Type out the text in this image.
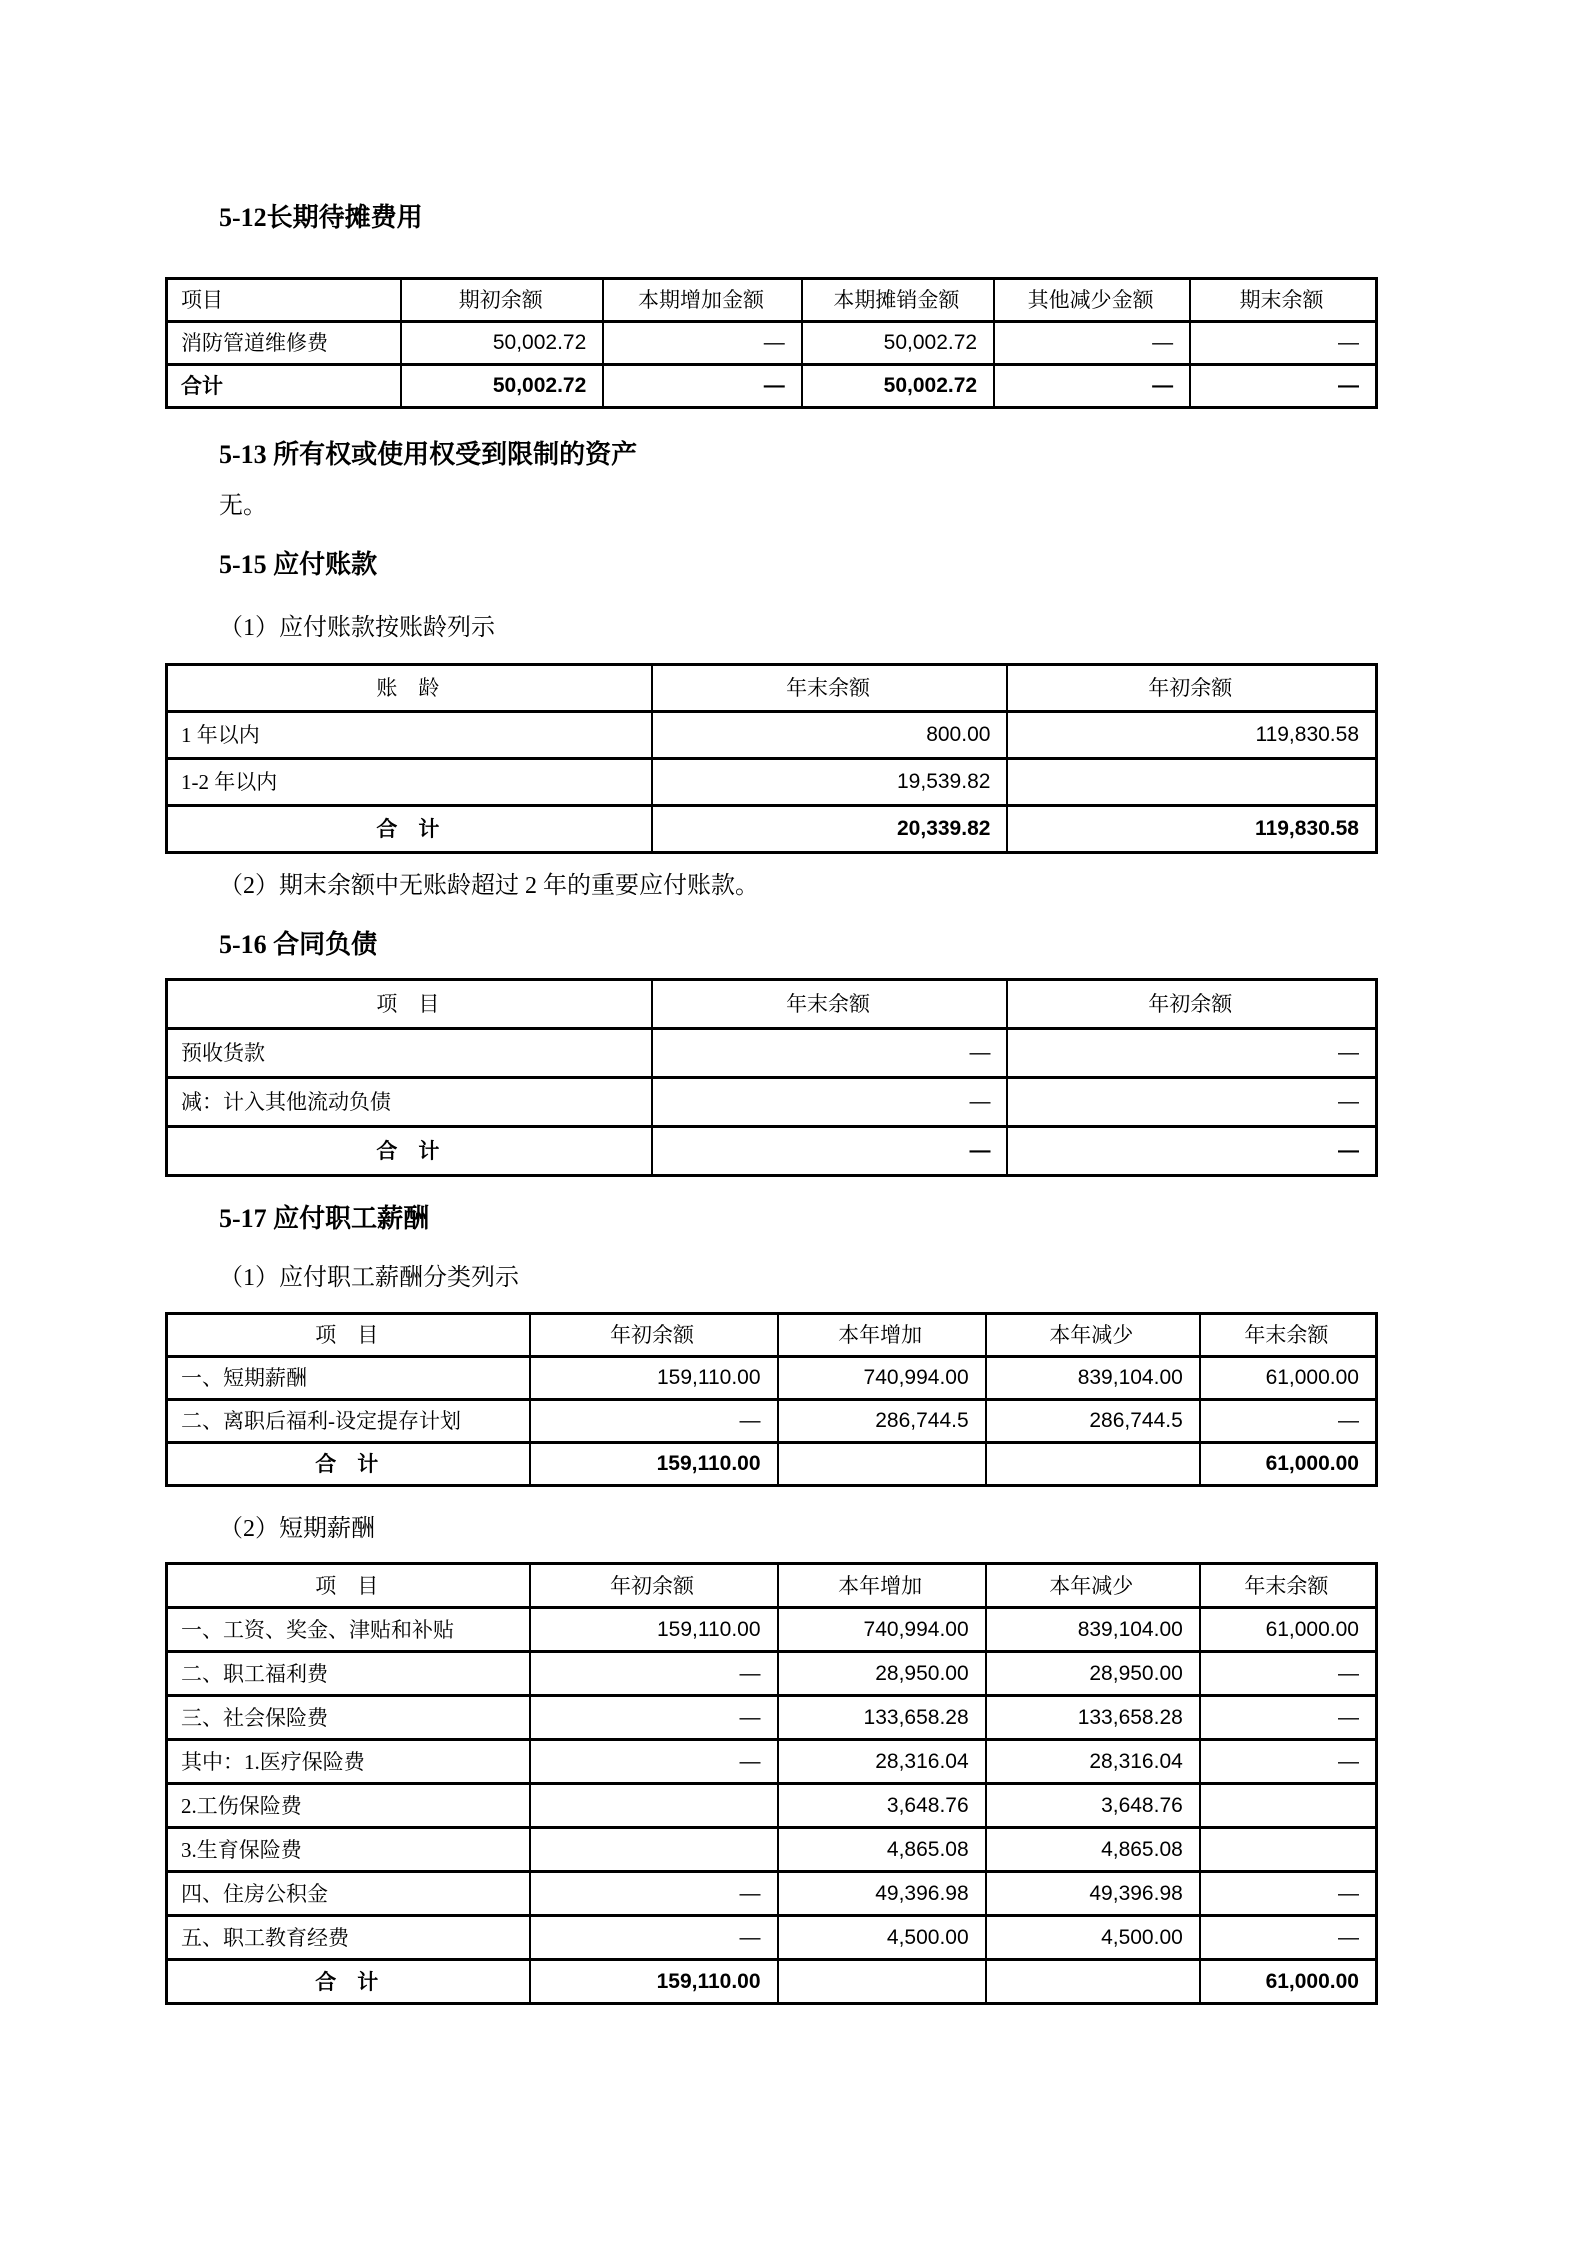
5-12长期待摊费用
项目	期初余额	本期增加金额	本期摊销金额	其他减少金额	期末余额
消防管道维修费	50,002.72	—	50,002.72	—	—
合计	50,002.72	—	50,002.72	—	—
5-13 所有权或使用权受到限制的资产

无。

5-15 应付账款

（1）应付账款按账龄列示

账　龄	年末余额	年初余额
1 年以内	800.00	119,830.58
1-2 年以内	19,539.82	
合　计	20,339.82	119,830.58

（2）期末余额中无账龄超过 2 年的重要应付账款。

5-16 合同负债
项　目	年末余额	年初余额
预收货款	—	—
减：计入其他流动负债	—	—
合　计	—	—
5-17 应付职工薪酬

（1）应付职工薪酬分类列示

项　目	年初余额	本年增加	本年减少	年末余额
一、短期薪酬	159,110.00	740,994.00	839,104.00	61,000.00
二、离职后福利-设定提存计划	—	286,744.5	286,744.5	—
合　计	159,110.00			61,000.00

（2）短期薪酬

项　目	年初余额	本年增加	本年减少	年末余额
一、工资、奖金、津贴和补贴	159,110.00	740,994.00	839,104.00	61,000.00
二、职工福利费	—	28,950.00	28,950.00	—
三、社会保险费	—	133,658.28	133,658.28	—
其中：1.医疗保险费	—	28,316.04	28,316.04	—
2.工伤保险费		3,648.76	3,648.76	
3.生育保险费		4,865.08	4,865.08	
四、住房公积金	—	49,396.98	49,396.98	—
五、职工教育经费	—	4,500.00	4,500.00	—
合　计	159,110.00			61,000.00
